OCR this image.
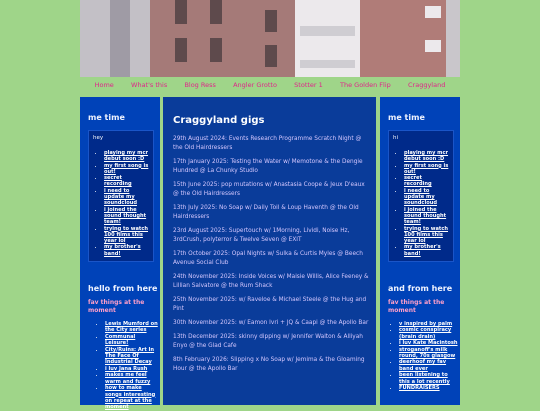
Home	What's this	Blog Ress	Angler Grotto	Stotter 1	The Golden Flip	Craggyland
me time
hey
• playing my mcr debut soon :D
• my first song is out!
• secret recording
• i need to update my soundcloud
• i joined the sound thought team!
• trying to watch 100 films this year lol
• my brother's band!
hello from here
fav things at the moment
• Lewis Mumford on the City series
• Communal Leisure!
• City/Ruins: Art In The Face Of Industrial Decay
• i luv Jana Rush
• makes me feel warm and fuzzy
• how to make songs interesting on repeat at the moment
Craggyland gigs

29th August 2024: Events Research Programme Scratch Night @ the Old Hairdressers

17th January 2025: Testing the Water w/ Memotone & the Dengie Hundred @ La Chunky Studio

15th June 2025: pop mutations w/ Anastasia Coope & Jeux D'eaux @ the Old Hairdressers

13th July 2025: No Soap w/ Daily Toil & Loup Haventh @ the Old Hairdressers

23rd August 2025: Supertouch w/ 1Morning, Lividi, Noise Hz, 3rdCrush, polyterror & Twelve Seven @ EXIT

17th October 2025: Opal Nights w/ Sulka & Curtis Myles @ Beech Avenue Social Club

24th November 2025: Inside Voices w/ Maisie Willis, Alice Feeney & Lillian Salvatore @ the Rum Shack

25th November 2025: w/ Raveloe & Michael Steele @ the Hug and Pint

30th November 2025: w/ Eamon Ivri + JQ & Caapi @ the Apollo Bar

13th December 2025: skinny dipping w/ Jennifer Walton & Alliyah Enyo @ the Glad Cafe

8th February 2026: Slipping x No Soap w/ Jemima & the Gloaming Hour @ the Apollo Bar

me time
hi
• playing my mcr debut soon :D
• my first song is out!
• secret recording
• i need to update my soundcloud
• i joined the sound thought team!
• trying to watch 100 films this year lol
• my brother's band!
and from here
fav things at the moment
• v inspired by palm
• cosmic conspiracy (brain drain)
• i luv Kate Macintosh
• stroganoff's milk round, 70s glasgow
• deerhoof my fav band ever
• been listening to this a lot recently
• FUNDRAISERS
